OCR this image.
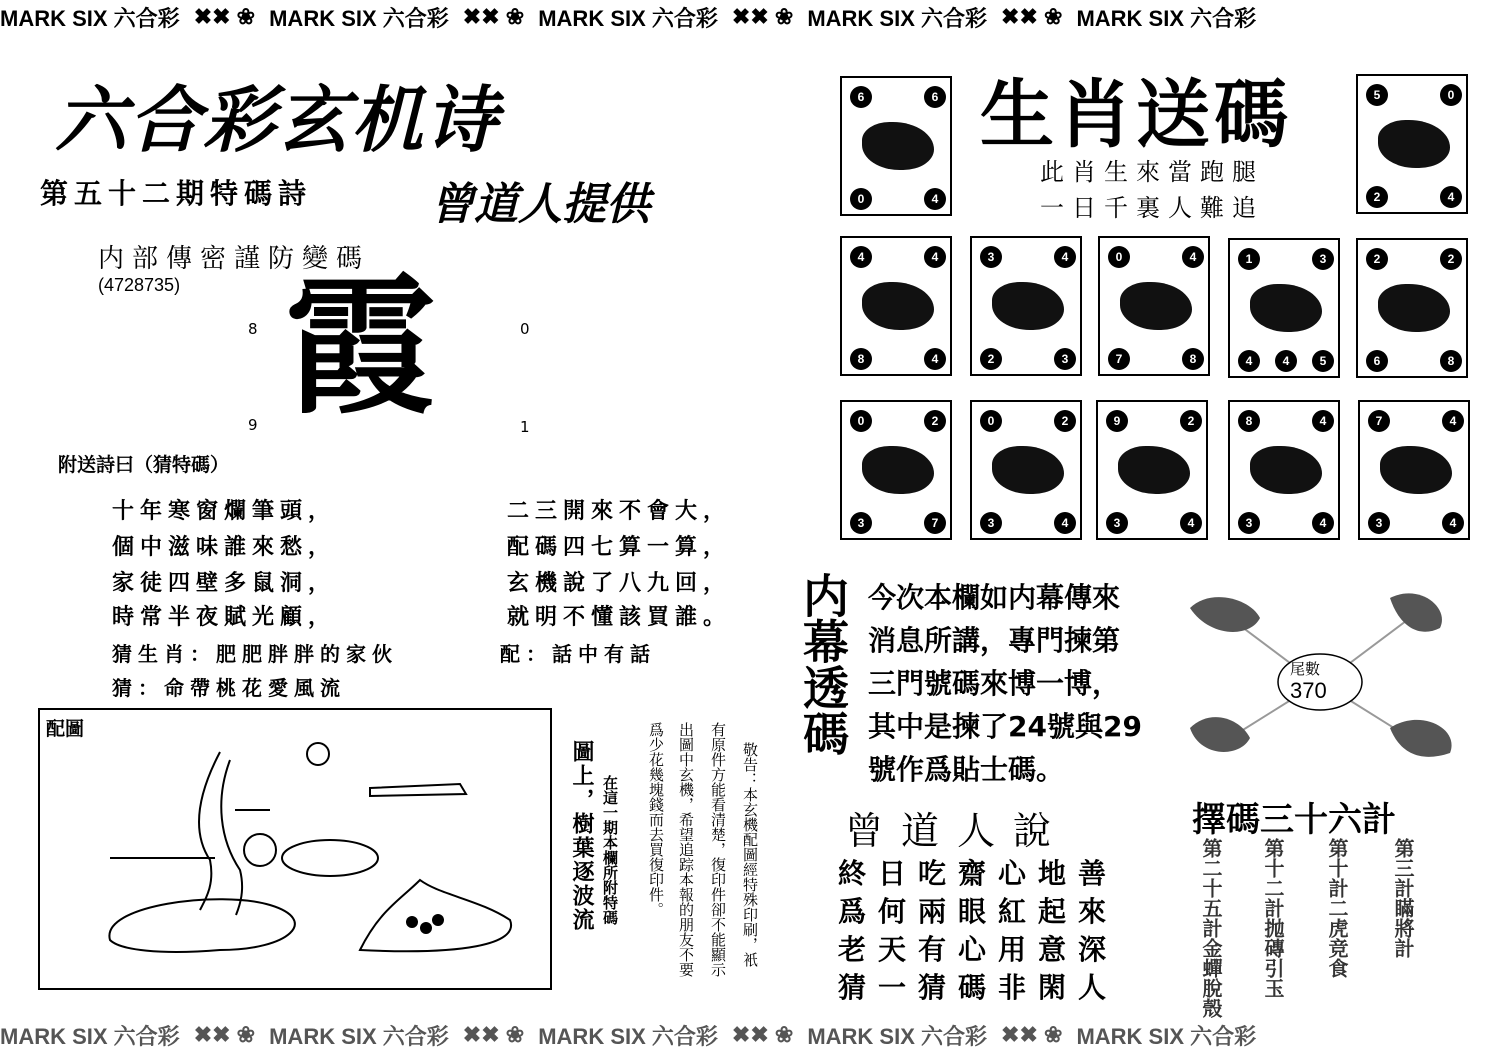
MARK SIX 六合彩 ✖✖ ❀ MARK SIX 六合彩 ✖✖ ❀ MARK SIX 六合彩 ✖✖ ❀ MARK SIX 六合彩 ✖✖ ❀ MARK SIX 六合彩
六合彩玄机诗
第五十二期特碼詩	曾道人提供
内部傳密謹防變碼
(4728735)
8	0
9	1
霞
附送詩曰（猜特碼）
十年寒窗爛筆頭，
個中滋味誰來愁，
家徒四壁多鼠洞，
時常半夜賦光顧，
二三開來不會大，
配碼四七算一算，
玄機說了八九回，
就明不懂該買誰。
猜生肖：肥肥胖胖的家伙	配：話中有話
猜：命帶桃花愛風流
配圖
圖上，樹葉逐波流 在這一期本欄所附特碼	敬告：本玄機配圖經特殊印刷，衹
有原件方能看清楚，復印件卻不能顯示
出圖中玄機，希望追踪本報的朋友不要
爲少花幾塊錢而去買復印件。
生肖送碼
此肖生來當跑腿
一日千裏人難追
6	6
0	4
5	0
2	4
4	4
8	4
3	4
2	3
0	4
7	8
1	3
4	4	5
2	2
6	8
0	2
3	7
0	2
3	4
9	2
3	4
8	4
3	4
7	4
3	4
内幕透碼 今次本欄如内幕傳來
消息所講，專門揀第
三門號碼來博一博，
其中是揀了24號與29
號作爲貼士碼。
尾數
370
曾道人說
終日吃齋心地善
爲何兩眼紅起來
老天有心用意深
猜一猜碼非閑人
擇碼三十六計
第二十五計金蟬脫殼 第十二計抛磚引玉 第十計二虎竞食 第三計瞞將計
MARK SIX 六合彩 ✖✖ ❀ MARK SIX 六合彩 ✖✖ ❀ MARK SIX 六合彩 ✖✖ ❀ MARK SIX 六合彩 ✖✖ ❀ MARK SIX 六合彩
